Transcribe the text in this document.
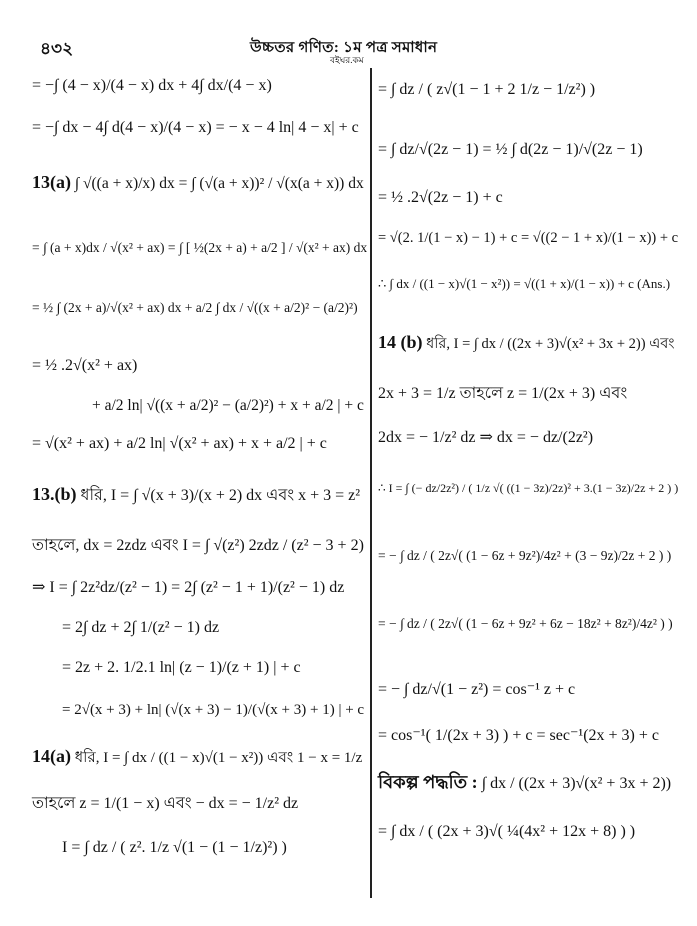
৪৩২	উচ্চতর গণিত: ১ম পত্র সমাধান
বইঘর.কম
= −∫ (4 − x)/(4 − x) dx + 4∫ dx/(4 − x)
= −∫ dx − 4∫ d(4 − x)/(4 − x) = − x − 4 ln| 4 − x| + c
13(a) ∫ √((a + x)/x) dx = ∫ (√(a + x))² / √(x(a + x)) dx
= ∫ (a + x)dx / √(x² + ax) = ∫ [ ½(2x + a) + a/2 ] / √(x² + ax) dx
= ½ ∫ (2x + a)/√(x² + ax) dx + a/2 ∫ dx / √((x + a/2)² − (a/2)²)
= ½ .2√(x² + ax)
+ a/2 ln| √((x + a/2)² − (a/2)²) + x + a/2 | + c
= √(x² + ax) + a/2 ln| √(x² + ax) + x + a/2 | + c
13.(b) ধরি, I = ∫ √(x + 3)/(x + 2) dx এবং x + 3 = z²
তাহলে, dx = 2zdz এবং I = ∫ √(z²) 2zdz / (z² − 3 + 2)
⇒ I = ∫ 2z²dz/(z² − 1) = 2∫ (z² − 1 + 1)/(z² − 1) dz
= 2∫ dz + 2∫ 1/(z² − 1) dz
= 2z + 2. 1/2.1 ln| (z − 1)/(z + 1) | + c
= 2√(x + 3) + ln| (√(x + 3) − 1)/(√(x + 3) + 1) | + c
14(a) ধরি, I = ∫ dx / ((1 − x)√(1 − x²)) এবং 1 − x = 1/z
তাহলে z = 1/(1 − x) এবং − dx = − 1/z² dz
I = ∫ dz / ( z². 1/z √(1 − (1 − 1/z)²) )
= ∫ dz / ( z√(1 − 1 + 2 1/z − 1/z²) )
= ∫ dz/√(2z − 1) = ½ ∫ d(2z − 1)/√(2z − 1)
= ½ .2√(2z − 1) + c
= √(2. 1/(1 − x) − 1) + c = √((2 − 1 + x)/(1 − x)) + c
∴ ∫ dx / ((1 − x)√(1 − x²)) = √((1 + x)/(1 − x)) + c (Ans.)
14 (b) ধরি, I = ∫ dx / ((2x + 3)√(x² + 3x + 2)) এবং
2x + 3 = 1/z তাহলে z = 1/(2x + 3) এবং
2dx = − 1/z² dz ⇒ dx = − dz/(2z²)
∴ I = ∫ (− dz/2z²) / ( 1/z √( ((1 − 3z)/2z)² + 3.(1 − 3z)/2z + 2 ) )
= − ∫ dz / ( 2z√( (1 − 6z + 9z²)/4z² + (3 − 9z)/2z + 2 ) )
= − ∫ dz / ( 2z√( (1 − 6z + 9z² + 6z − 18z² + 8z²)/4z² ) )
= − ∫ dz/√(1 − z²) = cos⁻¹ z + c
= cos⁻¹( 1/(2x + 3) ) + c = sec⁻¹(2x + 3) + c
বিকল্প পদ্ধতি : ∫ dx / ((2x + 3)√(x² + 3x + 2))
= ∫ dx / ( (2x + 3)√( ¼(4x² + 12x + 8) ) )
